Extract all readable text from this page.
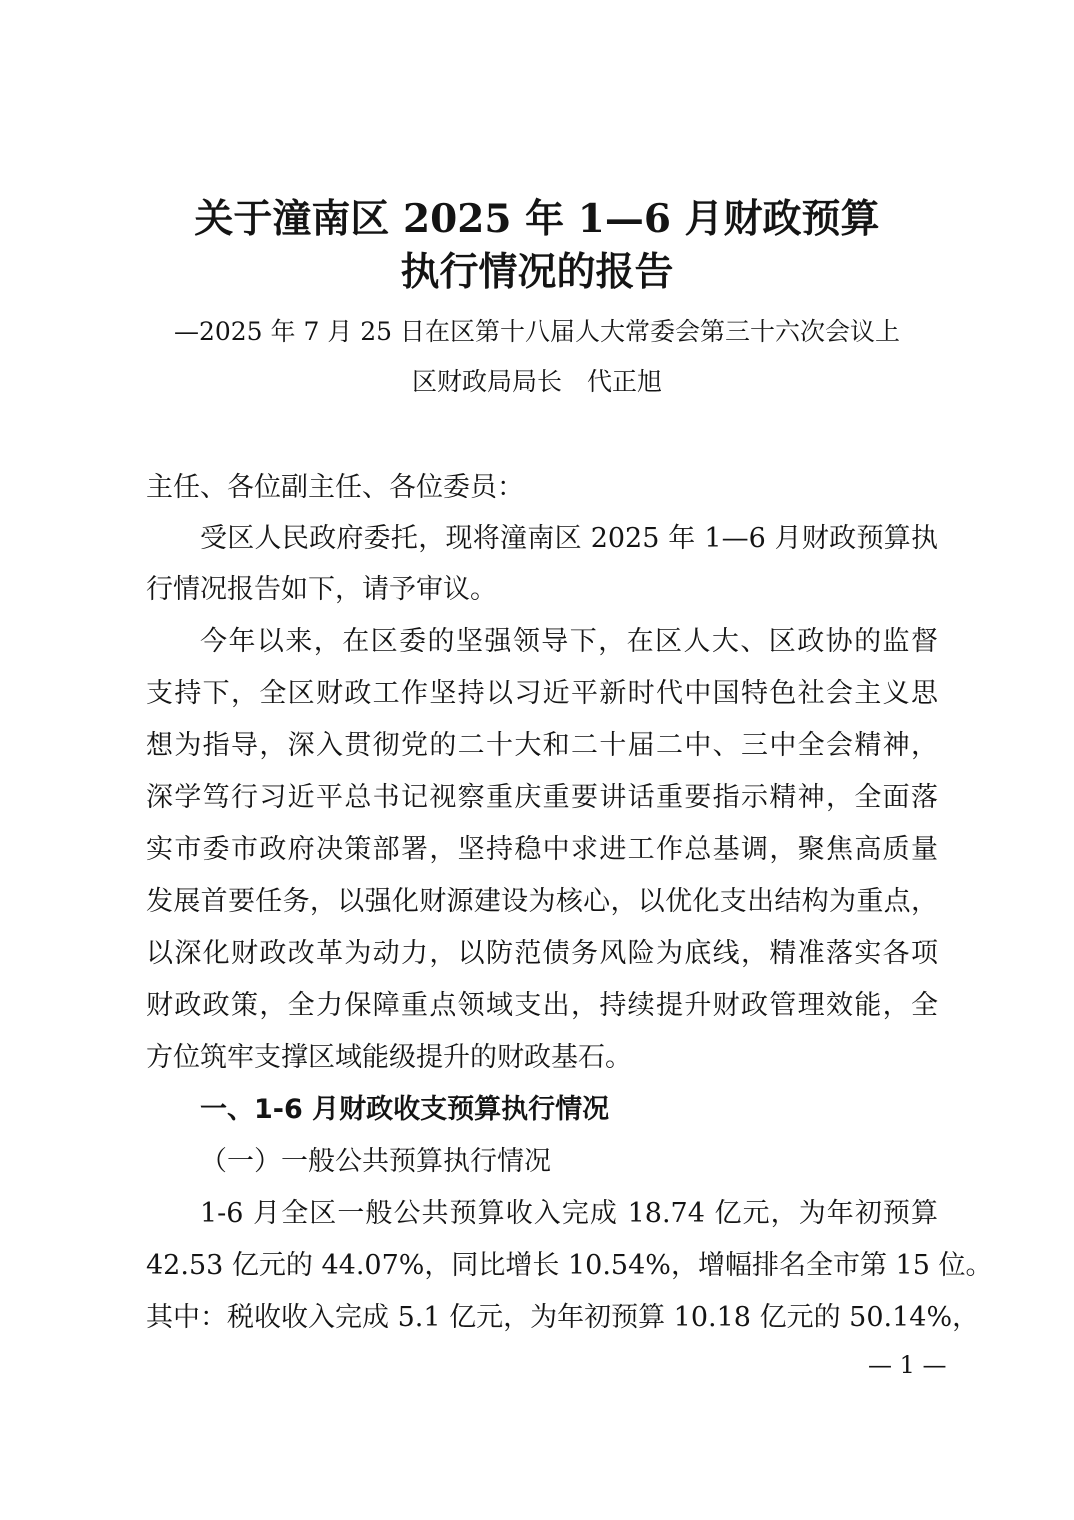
关于潼南区 2025 年 1—6 月财政预算
执行情况的报告
—2025 年 7 月 25 日在区第十八届人大常委会第三十六次会议上
区财政局局长　代正旭
主任、各位副主任、各位委员：
受区人民政府委托，现将潼南区 2025 年 1—6 月财政预算执
行情况报告如下，请予审议。
今年以来，在区委的坚强领导下，在区人大、区政协的监督
支持下，全区财政工作坚持以习近平新时代中国特色社会主义思
想为指导，深入贯彻党的二十大和二十届二中、三中全会精神，
深学笃行习近平总书记视察重庆重要讲话重要指示精神，全面落
实市委市政府决策部署，坚持稳中求进工作总基调，聚焦高质量
发展首要任务，以强化财源建设为核心，以优化支出结构为重点，
以深化财政改革为动力，以防范债务风险为底线，精准落实各项
财政政策，全力保障重点领域支出，持续提升财政管理效能，全
方位筑牢支撑区域能级提升的财政基石。
一、1-6 月财政收支预算执行情况
（一）一般公共预算执行情况
1-6 月全区一般公共预算收入完成 18.74 亿元，为年初预算
42.53 亿元的 44.07%，同比增长 10.54%，增幅排名全市第 15 位。
其中：税收收入完成 5.1 亿元，为年初预算 10.18 亿元的 50.14%，
— 1 —
